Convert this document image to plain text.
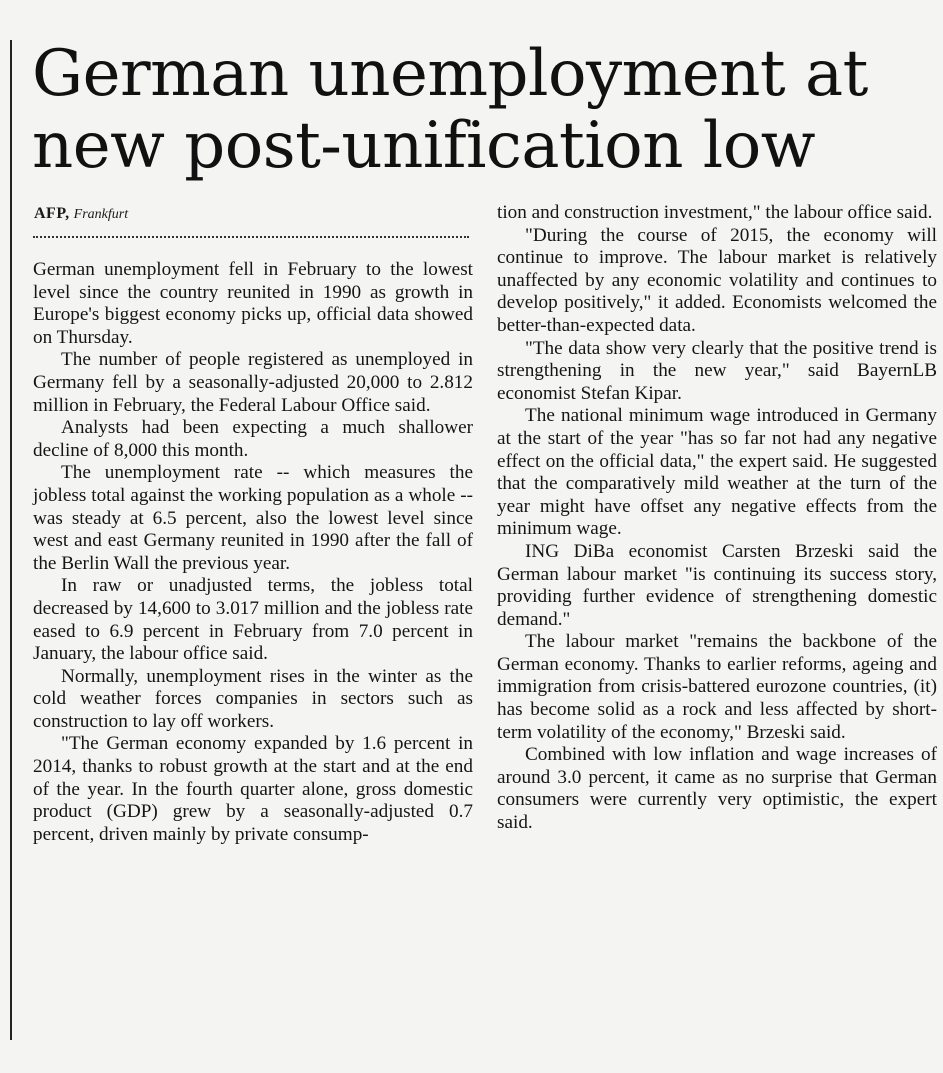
German unemployment at new post-unification low
AFP, Frankfurt

German unemployment fell in February to the lowest level since the country reunited in 1990 as growth in Europe's biggest economy picks up, official data showed on Thursday.

The number of people registered as unemployed in Germany fell by a seasonally-adjusted 20,000 to 2.812 million in February, the Federal Labour Office said.

Analysts had been expecting a much shallower decline of 8,000 this month.

The unemployment rate -- which measures the jobless total against the working population as a whole -- was steady at 6.5 percent, also the lowest level since west and east Germany reunited in 1990 after the fall of the Berlin Wall the previous year.

In raw or unadjusted terms, the jobless total decreased by 14,600 to 3.017 million and the jobless rate eased to 6.9 percent in February from 7.0 percent in January, the labour office said.

Normally, unemployment rises in the winter as the cold weather forces companies in sectors such as construction to lay off workers.

"The German economy expanded by 1.6 percent in 2014, thanks to robust growth at the start and at the end of the year. In the fourth quarter alone, gross domestic product (GDP) grew by a seasonally-adjusted 0.7 percent, driven mainly by private consump-

tion and construction investment," the labour office said.

"During the course of 2015, the economy will continue to improve. The labour market is relatively unaffected by any economic volatility and continues to develop positively," it added. Economists welcomed the better-than-expected data.

"The data show very clearly that the positive trend is strengthening in the new year," said BayernLB economist Stefan Kipar.

The national minimum wage introduced in Germany at the start of the year "has so far not had any negative effect on the official data," the expert said. He suggested that the comparatively mild weather at the turn of the year might have offset any negative effects from the minimum wage.

ING DiBa economist Carsten Brzeski said the German labour market "is continuing its success story, providing further evidence of strengthening domestic demand."

The labour market "remains the backbone of the German economy. Thanks to earlier reforms, ageing and immigration from crisis-battered eurozone countries, (it) has become solid as a rock and less affected by short-term volatility of the economy," Brzeski said.

Combined with low inflation and wage increases of around 3.0 percent, it came as no surprise that German consumers were currently very optimistic, the expert said.
